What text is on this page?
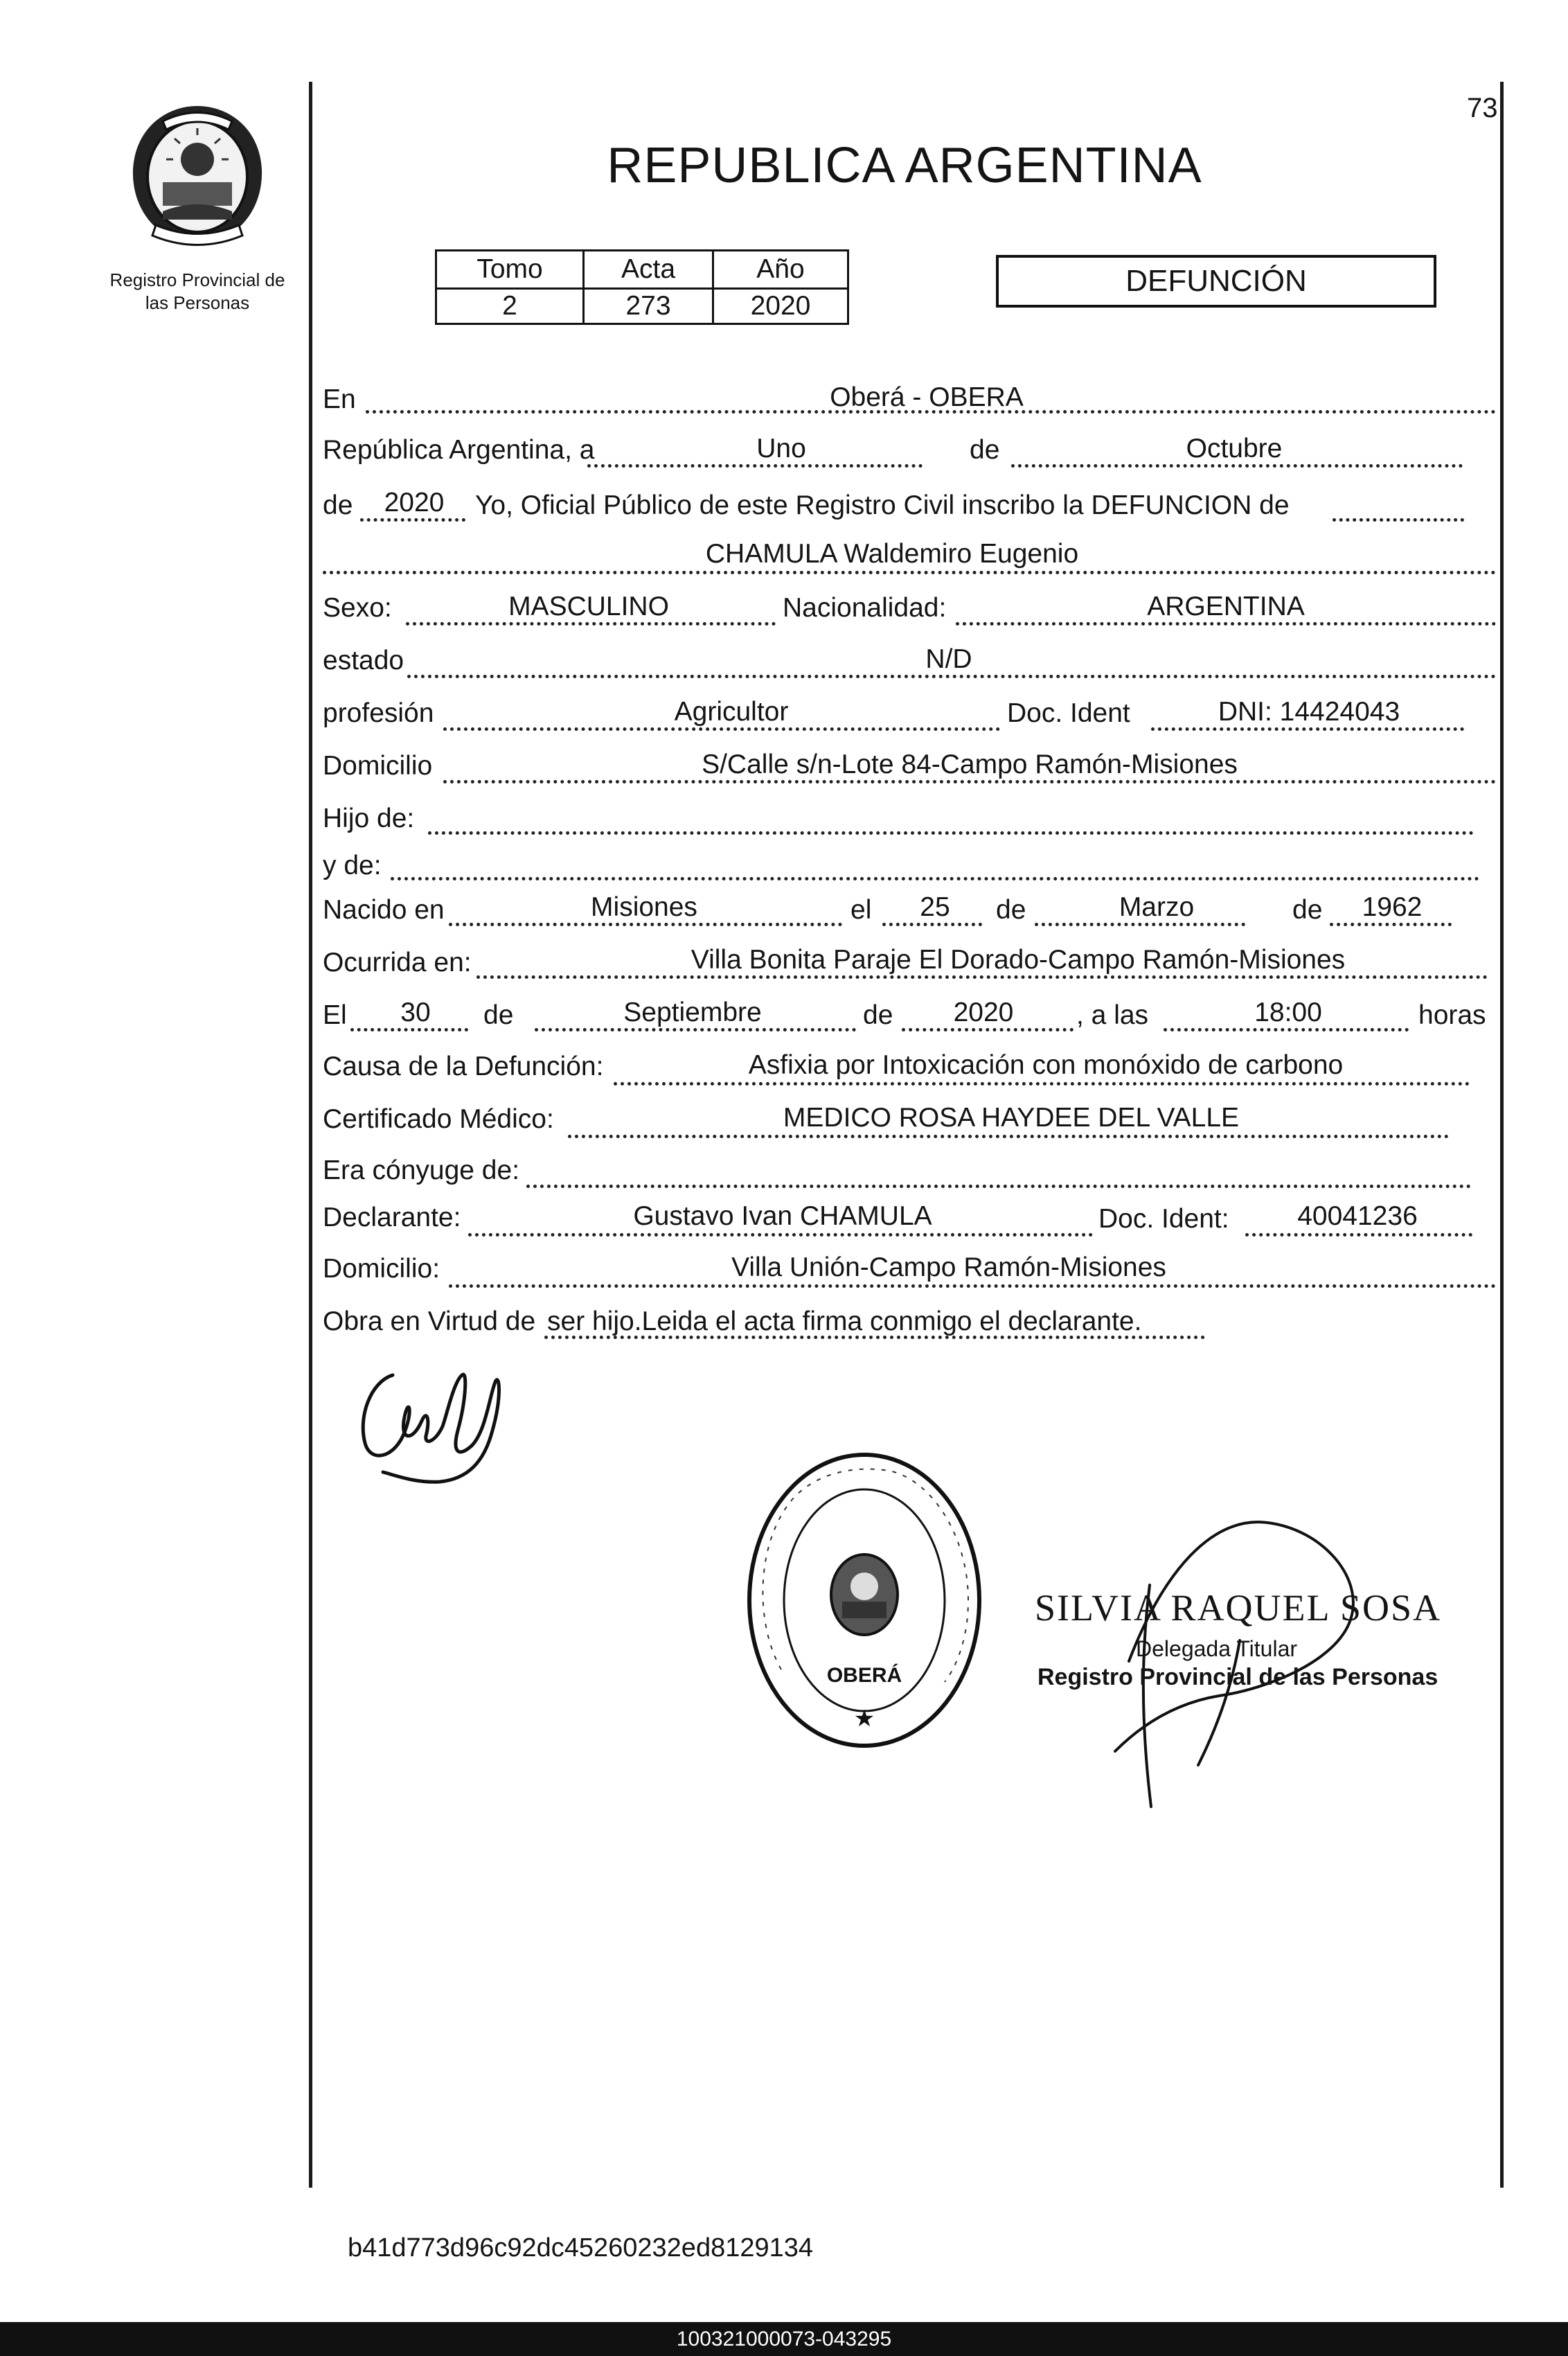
73
Registro Provincial de las Personas
REPUBLICA ARGENTINA
Tomo	Acta	Año
2	273	2020
DEFUNCIÓN
En	Oberá - OBERA
República Argentina, a	Uno	de	Octubre
de	2020	Yo, Oficial Público de este Registro Civil inscribo la DEFUNCION de
CHAMULA Waldemiro Eugenio
Sexo:	MASCULINO	Nacionalidad:	ARGENTINA
estado	N/D
profesión	Agricultor	Doc. Ident	DNI: 14424043
Domicilio	S/Calle s/n-Lote 84-Campo Ramón-Misiones
Hijo de:
y de:
Nacido en	Misiones	el	25	de	Marzo	de	1962
Ocurrida en:	Villa Bonita Paraje El Dorado-Campo Ramón-Misiones
El	30	de	Septiembre	de	2020	, a las	18:00	horas
Causa de la Defunción:	Asfixia por Intoxicación con monóxido de carbono
Certificado Médico:	MEDICO ROSA HAYDEE DEL VALLE
Era cónyuge de:
Declarante:	Gustavo Ivan CHAMULA	Doc. Ident:	40041236
Domicilio:	Villa Unión-Campo Ramón-Misiones
Obra en Virtud de ser hijo.Leida el acta firma conmigo el declarante.
OBERÁ
★
SILVIA RAQUEL SOSA
Delegada Titular
Registro Provincial de las Personas
b41d773d96c92dc45260232ed8129134
100321000073-043295
